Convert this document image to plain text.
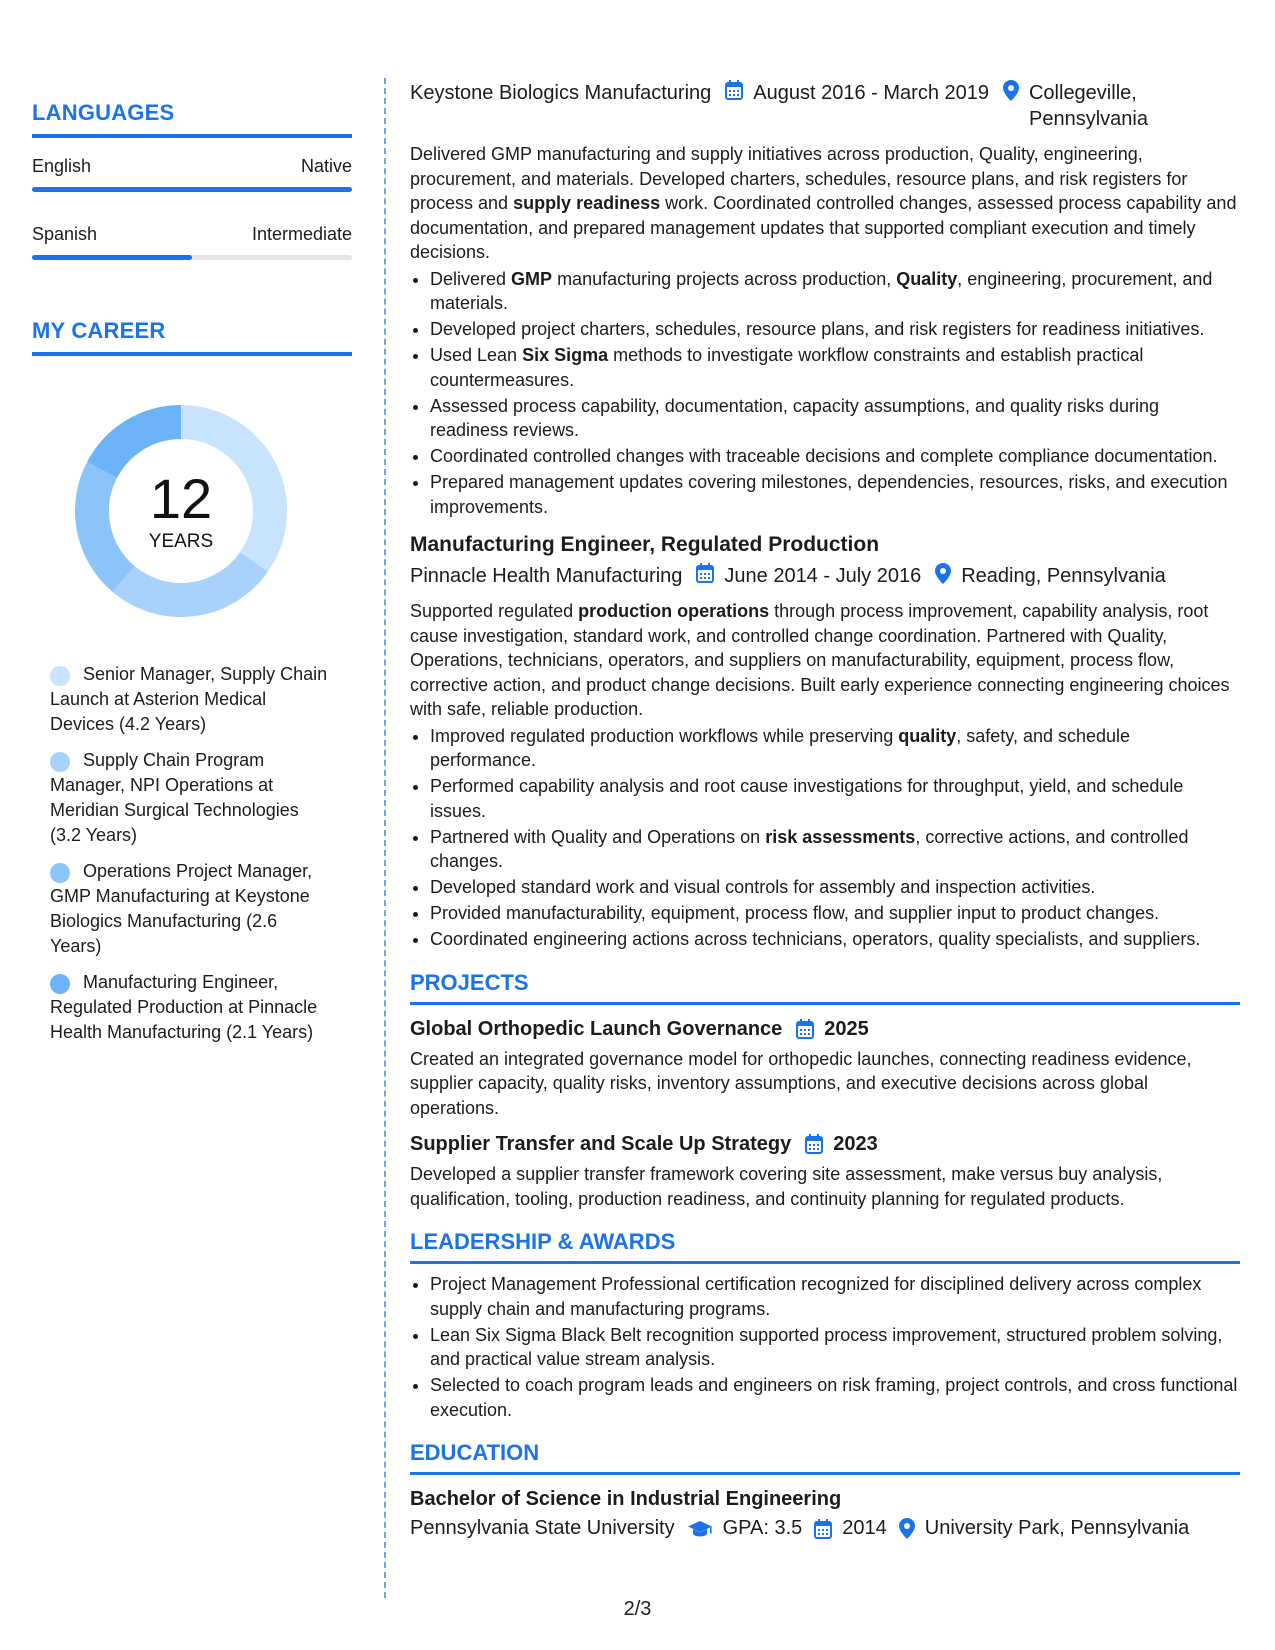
LANGUAGES
English	Native
Spanish	Intermediate
MY CAREER
12
YEARS
Senior Manager, Supply Chain Launch at Asterion Medical Devices (4.2 Years)
Supply Chain Program Manager, NPI Operations at Meridian Surgical Technologies (3.2 Years)
Operations Project Manager, GMP Manufacturing at Keystone Biologics Manufacturing (2.6 Years)
Manufacturing Engineer, Regulated Production at Pinnacle Health Manufacturing (2.1 Years)
Keystone Biologics Manufacturing August 2016 - March 2019 Collegeville, Pennsylvania
Delivered GMP manufacturing and supply initiatives across production, Quality, engineering, procurement, and materials. Developed charters, schedules, resource plans, and risk registers for process and supply readiness work. Coordinated controlled changes, assessed process capability and documentation, and prepared management updates that supported compliant execution and timely decisions.
• Delivered GMP manufacturing projects across production, Quality, engineering, procurement, and materials.
• Developed project charters, schedules, resource plans, and risk registers for readiness initiatives.
• Used Lean Six Sigma methods to investigate workflow constraints and establish practical countermeasures.
• Assessed process capability, documentation, capacity assumptions, and quality risks during readiness reviews.
• Coordinated controlled changes with traceable decisions and complete compliance documentation.
• Prepared management updates covering milestones, dependencies, resources, risks, and execution improvements.
Manufacturing Engineer, Regulated Production
Pinnacle Health Manufacturing June 2014 - July 2016 Reading, Pennsylvania
Supported regulated production operations through process improvement, capability analysis, root cause investigation, standard work, and controlled change coordination. Partnered with Quality, Operations, technicians, operators, and suppliers on manufacturability, equipment, process flow, corrective action, and product change decisions. Built early experience connecting engineering choices with safe, reliable production.
• Improved regulated production workflows while preserving quality, safety, and schedule performance.
• Performed capability analysis and root cause investigations for throughput, yield, and schedule issues.
• Partnered with Quality and Operations on risk assessments, corrective actions, and controlled changes.
• Developed standard work and visual controls for assembly and inspection activities.
• Provided manufacturability, equipment, process flow, and supplier input to product changes.
• Coordinated engineering actions across technicians, operators, quality specialists, and suppliers.
PROJECTS
Global Orthopedic Launch Governance 2025
Created an integrated governance model for orthopedic launches, connecting readiness evidence, supplier capacity, quality risks, inventory assumptions, and executive decisions across global operations.
Supplier Transfer and Scale Up Strategy 2023
Developed a supplier transfer framework covering site assessment, make versus buy analysis, qualification, tooling, production readiness, and continuity planning for regulated products.
LEADERSHIP & AWARDS
• Project Management Professional certification recognized for disciplined delivery across complex supply chain and manufacturing programs.
• Lean Six Sigma Black Belt recognition supported process improvement, structured problem solving, and practical value stream analysis.
• Selected to coach program leads and engineers on risk framing, project controls, and cross functional execution.
EDUCATION
Bachelor of Science in Industrial Engineering
Pennsylvania State University GPA: 3.5 2014 University Park, Pennsylvania
2/3
